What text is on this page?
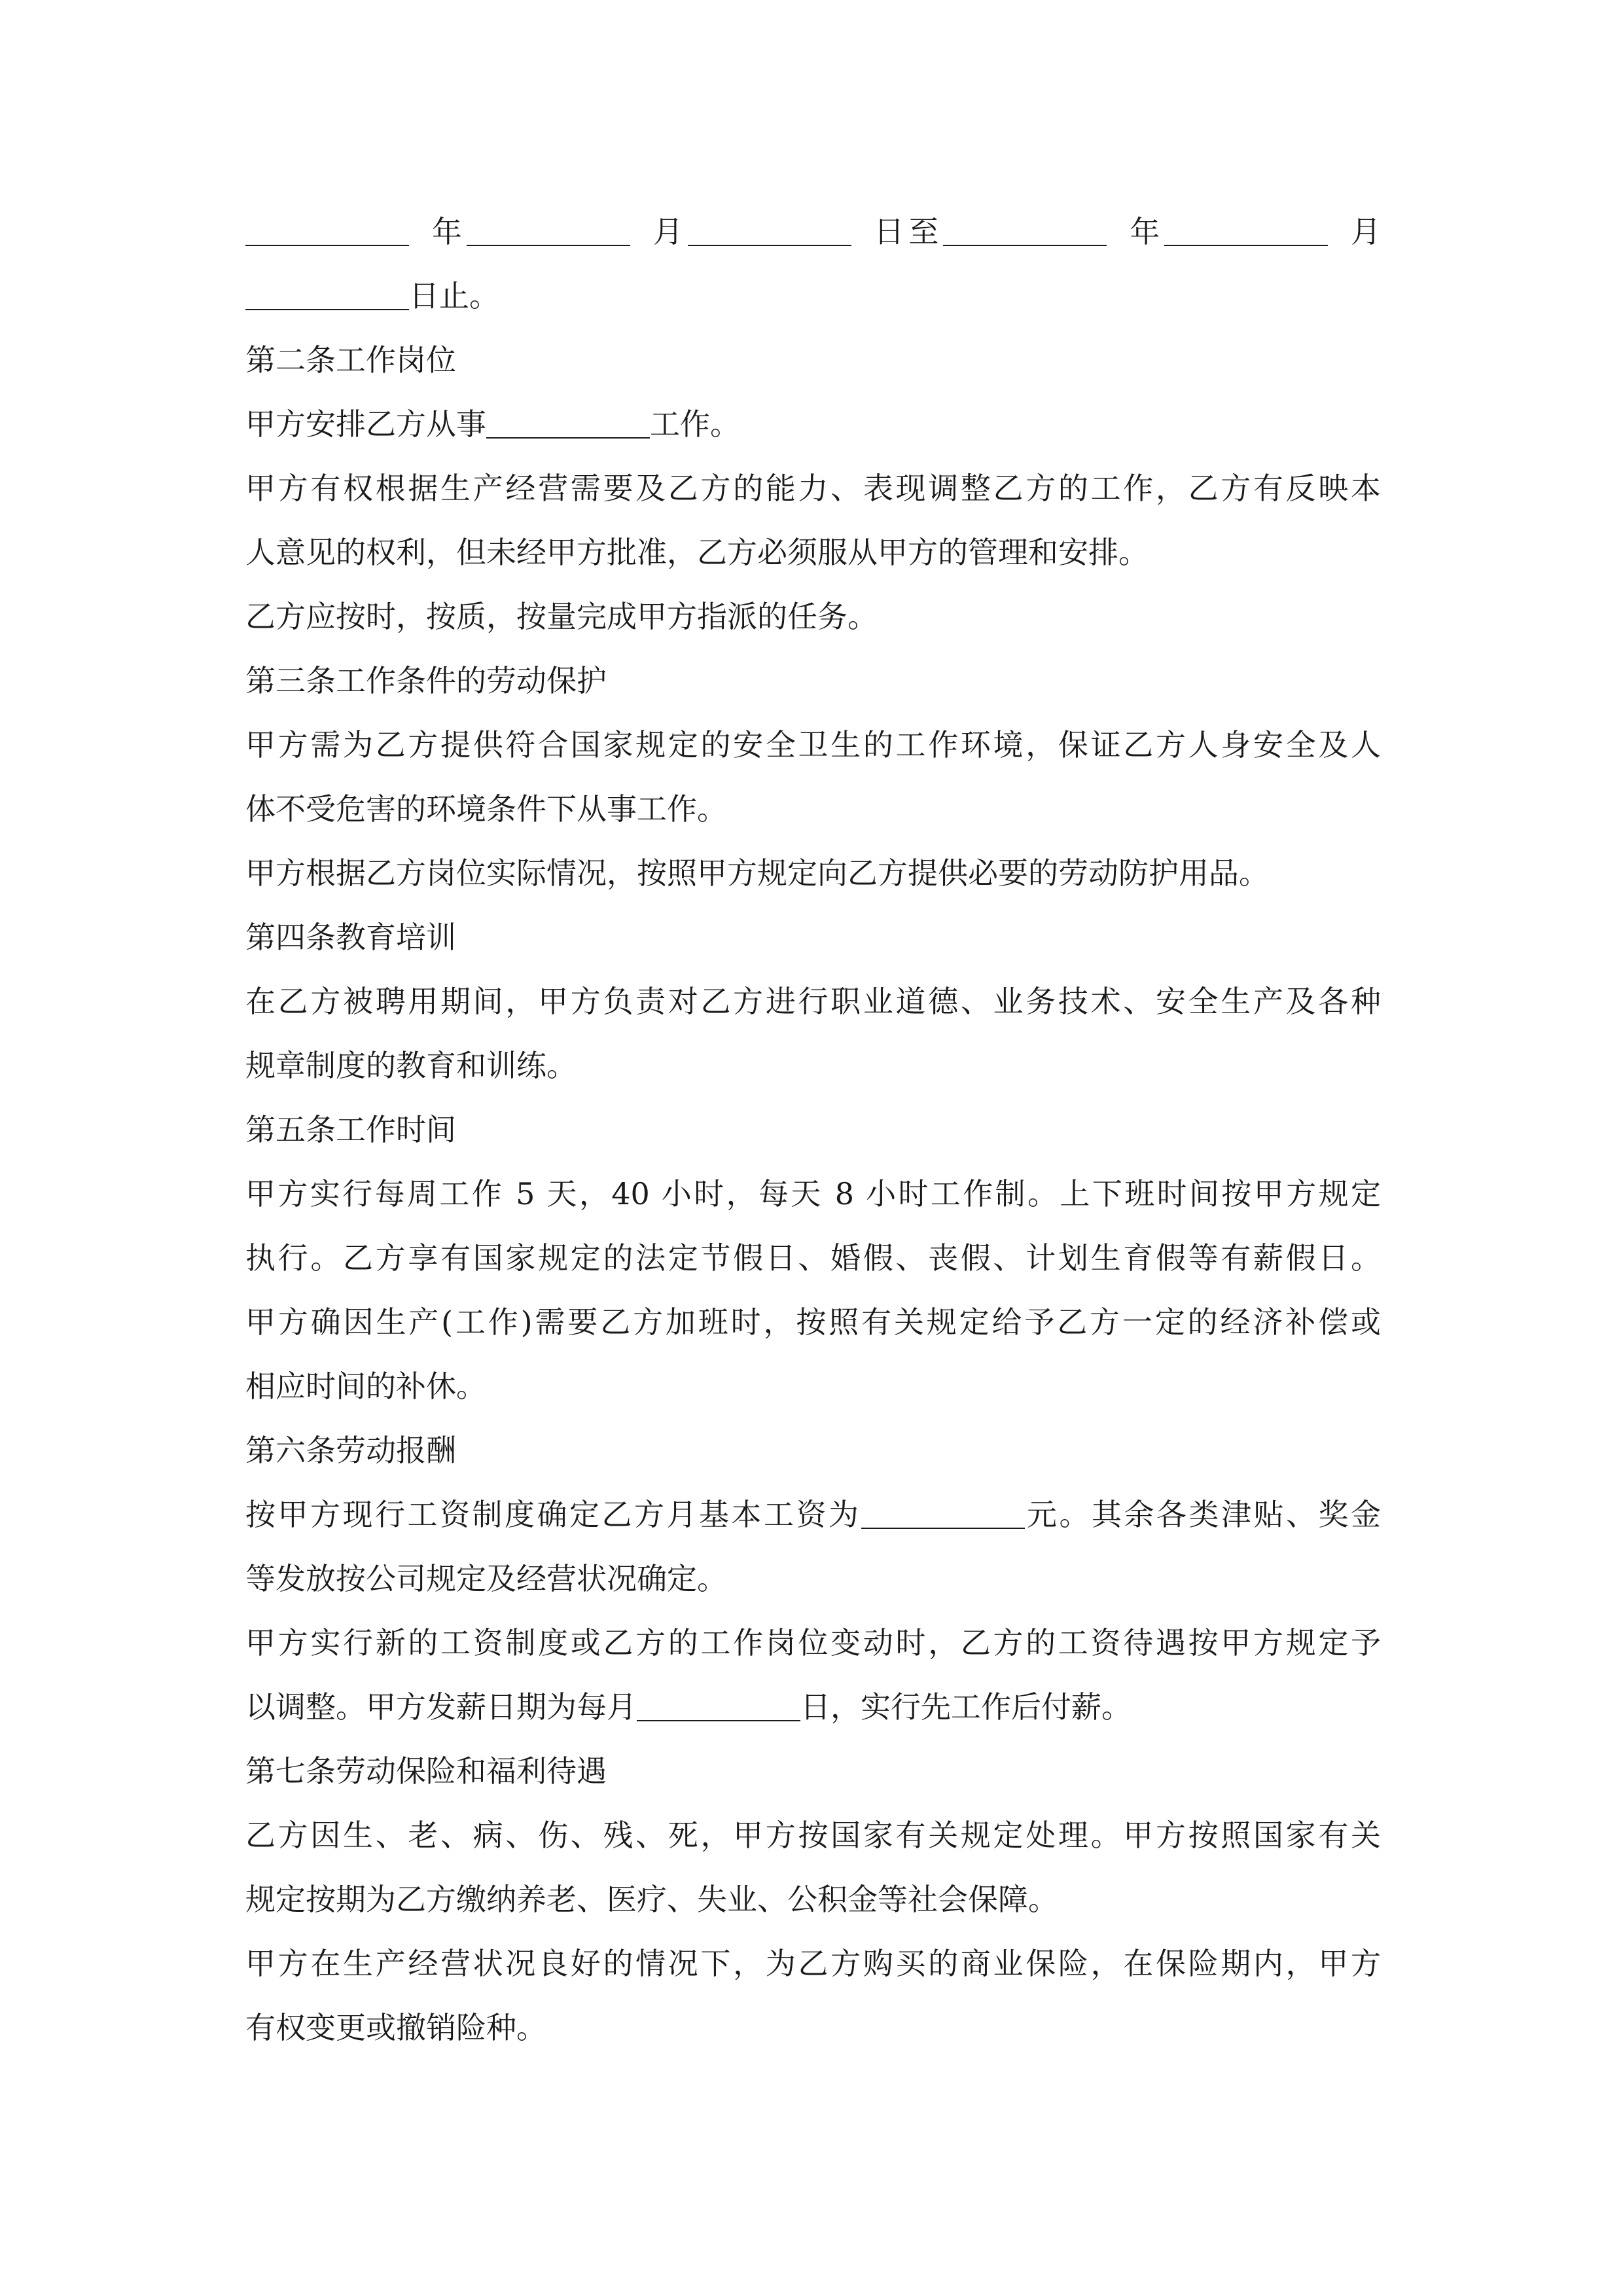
年	月	日至	年	月
日止。
第二条工作岗位
甲方安排乙方从事	工作。
甲方有权根据生产经营需要及乙方的能力、表现调整乙方的工作，乙方有反映本
人意见的权利，但未经甲方批准，乙方必须服从甲方的管理和安排。
乙方应按时，按质，按量完成甲方指派的任务。
第三条工作条件的劳动保护
甲方需为乙方提供符合国家规定的安全卫生的工作环境，保证乙方人身安全及人
体不受危害的环境条件下从事工作。
甲方根据乙方岗位实际情况，按照甲方规定向乙方提供必要的劳动防护用品。
第四条教育培训
在乙方被聘用期间，甲方负责对乙方进行职业道德、业务技术、安全生产及各种
规章制度的教育和训练。
第五条工作时间
甲方实行每周工作 5 天，40 小时，每天 8 小时工作制。上下班时间按甲方规定
执行。乙方享有国家规定的法定节假日、婚假、丧假、计划生育假等有薪假日。
甲方确因生产(工作)需要乙方加班时，按照有关规定给予乙方一定的经济补偿或
相应时间的补休。
第六条劳动报酬
按甲方现行工资制度确定乙方月基本工资为	元。其余各类津贴、奖金
等发放按公司规定及经营状况确定。
甲方实行新的工资制度或乙方的工作岗位变动时，乙方的工资待遇按甲方规定予
以调整。甲方发薪日期为每月	日，实行先工作后付薪。
第七条劳动保险和福利待遇
乙方因生、老、病、伤、残、死，甲方按国家有关规定处理。甲方按照国家有关
规定按期为乙方缴纳养老、医疗、失业、公积金等社会保障。
甲方在生产经营状况良好的情况下，为乙方购买的商业保险，在保险期内，甲方
有权变更或撤销险种。
